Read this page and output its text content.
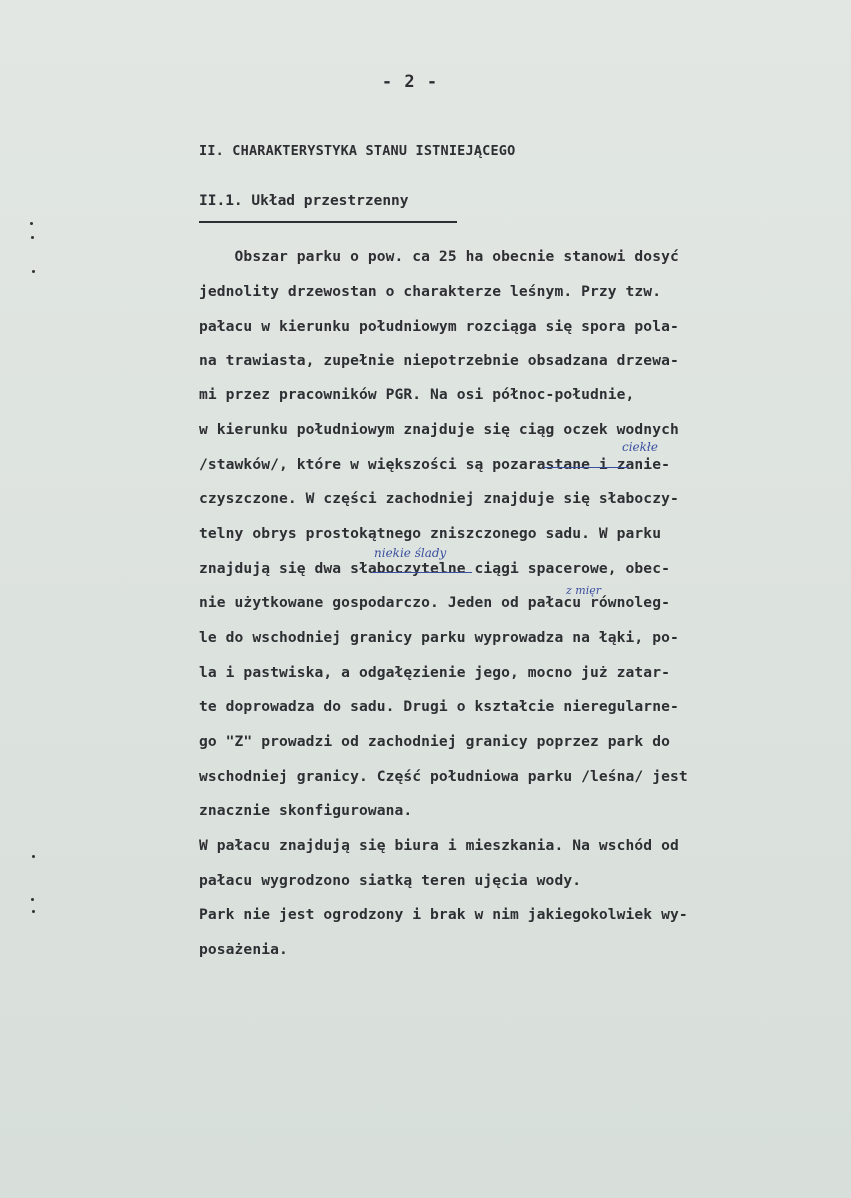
- 2 -
II. CHARAKTERYSTYKA STANU ISTNIEJĄCEGO
II.1. Układ przestrzenny
Obszar parku o pow. ca 25 ha obecnie stanowi dosyć
jednolity drzewostan o charakterze leśnym. Przy tzw.
pałacu w kierunku południowym rozciąga się spora pola-
na trawiasta, zupełnie niepotrzebnie obsadzana drzewa-
mi przez pracowników PGR. Na osi północ-południe,
w kierunku południowym znajduje się ciąg oczek wodnych
/stawków/, które w większości są pozarastane i zanie-
czyszczone. W części zachodniej znajduje się słaboczy-
telny obrys prostokątnego zniszczonego sadu. W parku
znajdują się dwa słaboczytelne ciągi spacerowe, obec-
nie użytkowane gospodarczo. Jeden od pałacu równoleg-
le do wschodniej granicy parku wyprowadza na łąki, po-
la i pastwiska, a odgałęzienie jego, mocno już zatar-
te doprowadza do sadu. Drugi o kształcie nieregularne-
go "Z" prowadzi od zachodniej granicy poprzez park do
wschodniej granicy. Część południowa parku /leśna/ jest
znacznie skonfigurowana.
W pałacu znajdują się biura i mieszkania. Na wschód od
pałacu wygrodzono siatką teren ujęcia wody.
Park nie jest ogrodzony i brak w nim jakiegokolwiek wy-
posażenia.
ciekłe
niekie ślady
z mięr
